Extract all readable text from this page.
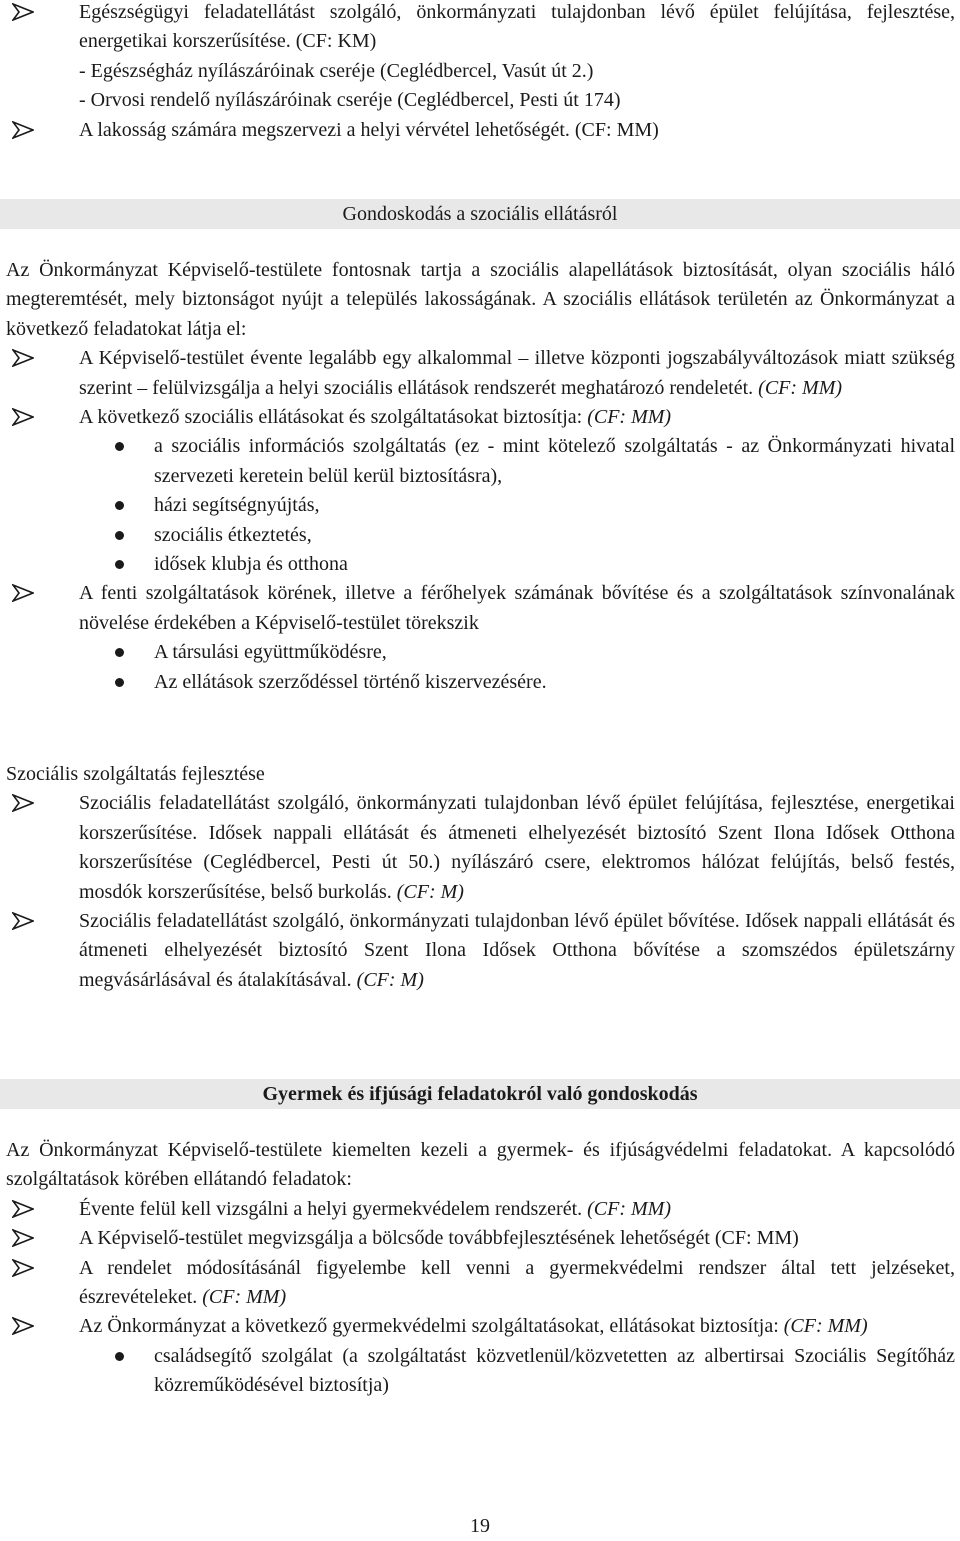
Egészségügyi feladatellátást szolgáló, önkormányzati tulajdonban lévő épület felújítása, fejlesztése, energetikai korszerűsítése. (CF: KM)
- Egészségház nyílászáróinak cseréje (Ceglédbercel, Vasút út 2.)
- Orvosi rendelő nyílászáróinak cseréje (Ceglédbercel, Pesti út 174)
A lakosság számára megszervezi a helyi vérvétel lehetőségét. (CF: MM)
Gondoskodás a szociális ellátásról

Az Önkormányzat Képviselő-testülete fontosnak tartja a szociális alapellátások biztosítását, olyan szociális háló megteremtését, mely biztonságot nyújt a település lakosságának. A szociális ellátások területén az Önkormányzat a következő feladatokat látja el:

A Képviselő-testület évente legalább egy alkalommal – illetve központi jogszabályváltozások miatt szükség szerint – felülvizsgálja a helyi szociális ellátások rendszerét meghatározó rendeletét. (CF: MM)
A következő szociális ellátásokat és szolgáltatásokat biztosítja: (CF: MM)
a szociális információs szolgáltatás (ez - mint kötelező szolgáltatás - az Önkormányzati hivatal szervezeti keretein belül kerül biztosításra),
házi segítségnyújtás,
szociális étkeztetés,
idősek klubja és otthona
A fenti szolgáltatások körének, illetve a férőhelyek számának bővítése és a szolgáltatások színvonalának növelése érdekében a Képviselő-testület törekszik
A társulási együttműködésre,
Az ellátások szerződéssel történő kiszervezésére.

Szociális szolgáltatás fejlesztése

Szociális feladatellátást szolgáló, önkormányzati tulajdonban lévő épület felújítása, fejlesztése, energetikai korszerűsítése. Idősek nappali ellátását és átmeneti elhelyezését biztosító Szent Ilona Idősek Otthona korszerűsítése (Ceglédbercel, Pesti út 50.) nyílászáró csere, elektromos hálózat felújítás, belső festés, mosdók korszerűsítése, belső burkolás. (CF: M)
Szociális feladatellátást szolgáló, önkormányzati tulajdonban lévő épület bővítése. Idősek nappali ellátását és átmeneti elhelyezését biztosító Szent Ilona Idősek Otthona bővítése a szomszédos épületszárny megvásárlásával és átalakításával. (CF: M)
Gyermek és ifjúsági feladatokról való gondoskodás

Az Önkormányzat Képviselő-testülete kiemelten kezeli a gyermek- és ifjúságvédelmi feladatokat. A kapcsolódó szolgáltatások körében ellátandó feladatok:

Évente felül kell vizsgálni a helyi gyermekvédelem rendszerét. (CF: MM)
A Képviselő-testület megvizsgálja a bölcsőde továbbfejlesztésének lehetőségét (CF: MM)
A rendelet módosításánál figyelembe kell venni a gyermekvédelmi rendszer által tett jelzéseket, észrevételeket. (CF: MM)
Az Önkormányzat a következő gyermekvédelmi szolgáltatásokat, ellátásokat biztosítja: (CF: MM)
családsegítő szolgálat (a szolgáltatást közvetlenül/közvetetten az albertirsai Szociális Segítőház közreműködésével biztosítja)
19
